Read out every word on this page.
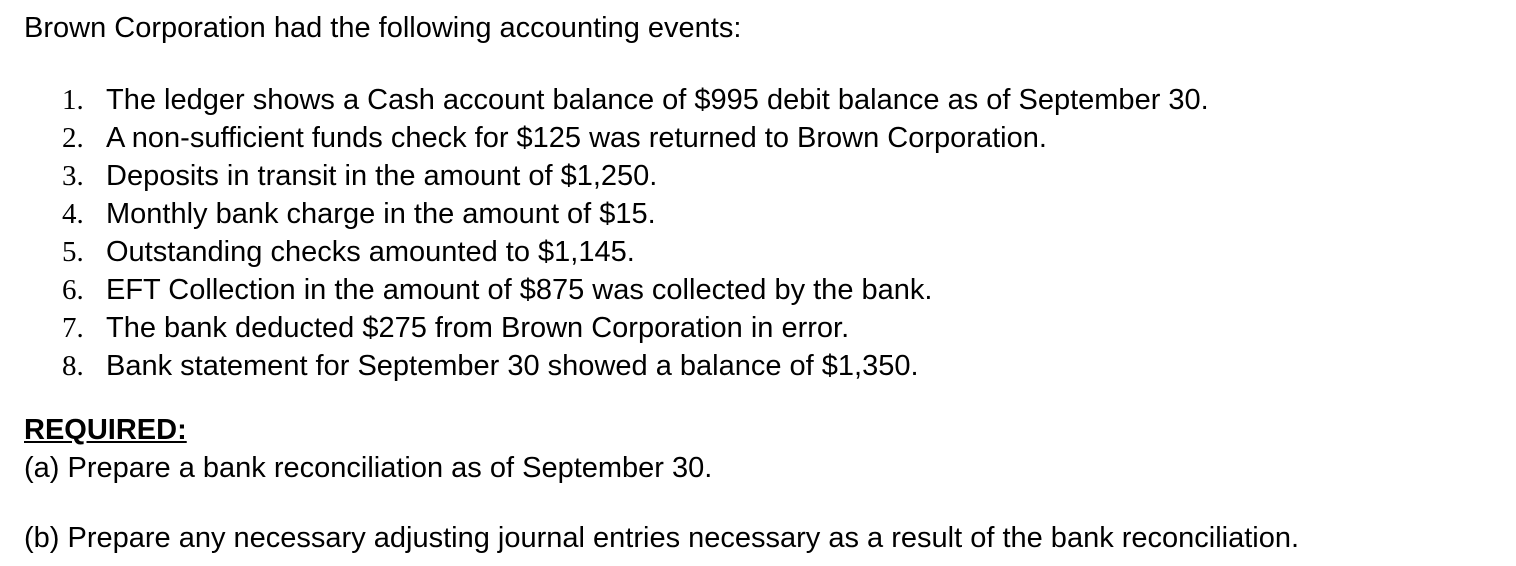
Brown Corporation had the following accounting events:
1. The ledger shows a Cash account balance of $995 debit balance as of September 30.
2. A non-sufficient funds check for $125 was returned to Brown Corporation.
3. Deposits in transit in the amount of $1,250.
4. Monthly bank charge in the amount of $15.
5. Outstanding checks amounted to $1,145.
6. EFT Collection in the amount of $875 was collected by the bank.
7. The bank deducted $275 from Brown Corporation in error.
8. Bank statement for September 30 showed a balance of $1,350.
REQUIRED:
(a) Prepare a bank reconciliation as of September 30.
(b) Prepare any necessary adjusting journal entries necessary as a result of the bank reconciliation.
